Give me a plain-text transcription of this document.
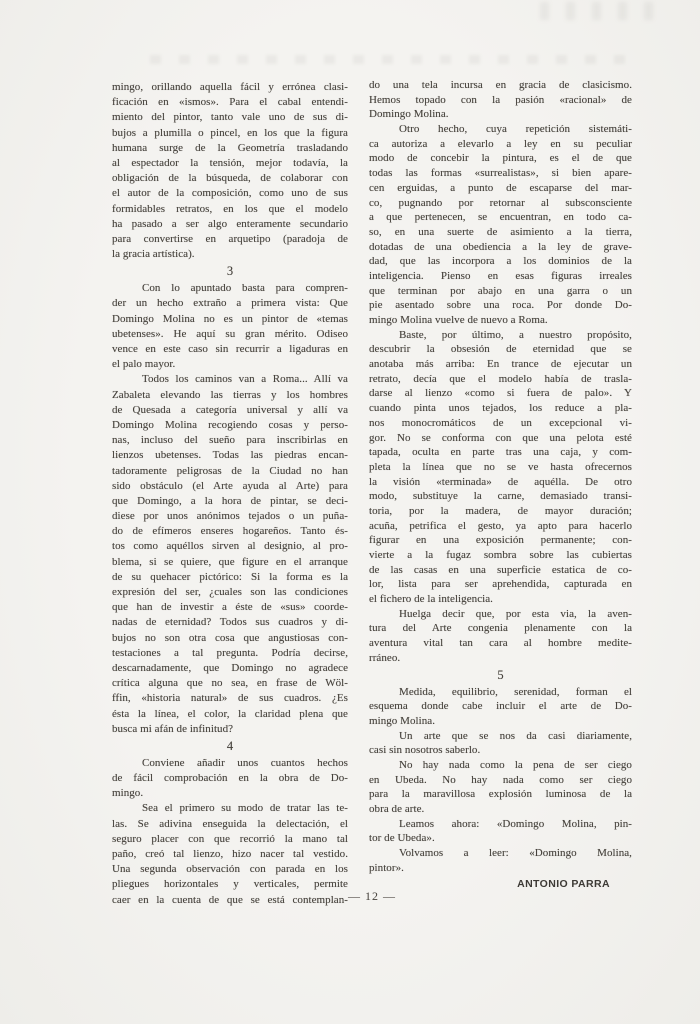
mingo, orillando aquella fácil y errónea clasi-
ficación en «ismos». Para el cabal entendi-
miento del pintor, tanto vale uno de sus di-
bujos a plumilla o pincel, en los que la figura
humana surge de la Geometría trasladando
al espectador la tensión, mejor todavía, la
obligación de la búsqueda, de colaborar con
el autor de la composición, como uno de sus
formidables retratos, en los que el modelo
ha pasado a ser algo enteramente secundario
para convertirse en arquetipo (paradoja de
la gracia artística).
3
Con lo apuntado basta para compren-
der un hecho extraño a primera vista: Que
Domingo Molina no es un pintor de «temas
ubetenses». He aquí su gran mérito. Odiseo
vence en este caso sin recurrir a ligaduras en
el palo mayor.
Todos los caminos van a Roma... Allí va
Zabaleta elevando las tierras y los hombres
de Quesada a categoría universal y allí va
Domingo Molina recogiendo cosas y perso-
nas, incluso del sueño para inscribirlas en
lienzos ubetenses. Todas las piedras encan-
tadoramente peligrosas de la Ciudad no han
sido obstáculo (el Arte ayuda al Arte) para
que Domingo, a la hora de pintar, se deci-
diese por unos anónimos tejados o un puña-
do de efímeros enseres hogareños. Tanto és-
tos como aquéllos sirven al designio, al pro-
blema, si se quiere, que figure en el arranque
de su quehacer pictórico: Si la forma es la
expresión del ser, ¿cuales son las condiciones
que han de investir a éste de «sus» coorde-
nadas de eternidad? Todos sus cuadros y di-
bujos no son otra cosa que angustiosas con-
testaciones a tal pregunta. Podría decirse,
descarnadamente, que Domingo no agradece
crítica alguna que no sea, en frase de Wöl-
ffin, «historia natural» de sus cuadros. ¿Es
ésta la línea, el color, la claridad plena que
busca mi afán de infinitud?
4
Conviene añadir unos cuantos hechos
de fácil comprobación en la obra de Do-
mingo.
Sea el primero su modo de tratar las te-
las. Se adivina enseguida la delectación, el
seguro placer con que recorrió la mano tal
paño, creó tal lienzo, hizo nacer tal vestido.
Una segunda observación con parada en los
pliegues horizontales y verticales, permite
caer en la cuenta de que se está contemplan-
do una tela incursa en gracia de clasicismo.
Hemos topado con la pasión «racional» de
Domingo Molina.
Otro hecho, cuya repetición sistemáti-
ca autoriza a elevarlo a ley en su peculiar
modo de concebir la pintura, es el de que
todas las formas «surrealistas», si bien apare-
cen erguidas, a punto de escaparse del mar-
co, pugnando por retornar al subsconsciente
a que pertenecen, se encuentran, en todo ca-
so, en una suerte de asimiento a la tierra,
dotadas de una obediencia a la ley de grave-
dad, que las incorpora a los dominios de la
inteligencia. Pienso en esas figuras irreales
que terminan por abajo en una garra o un
pie asentado sobre una roca. Por donde Do-
mingo Molina vuelve de nuevo a Roma.
Baste, por último, a nuestro propósito,
descubrir la obsesión de eternidad que se
anotaba más arriba: En trance de ejecutar un
retrato, decía que el modelo había de trasla-
darse al lienzo «como si fuera de palo». Y
cuando pinta unos tejados, los reduce a pla-
nos monocromáticos de un excepcional vi-
gor. No se conforma con que una pelota esté
tapada, oculta en parte tras una caja, y com-
pleta la línea que no se ve hasta ofrecernos
la visión «terminada» de aquélla. De otro
modo, substituye la carne, demasiado transi-
toria, por la madera, de mayor duración;
acuña, petrifica el gesto, ya apto para hacerlo
figurar en una exposición permanente; con-
vierte a la fugaz sombra sobre las cubiertas
de las casas en una superficie estatica de co-
lor, lista para ser aprehendida, capturada en
el fichero de la inteligencia.
Huelga decir que, por esta via, la aven-
tura del Arte congenia plenamente con la
aventura vital tan cara al hombre medite-
rráneo.
5
Medida, equilibrio, serenidad, forman el
esquema donde cabe incluir el arte de Do-
mingo Molina.
Un arte que se nos da casi diariamente,
casi sin nosotros saberlo.
No hay nada como la pena de ser ciego
en Ubeda. No hay nada como ser ciego
para la maravillosa explosión luminosa de la
obra de arte.
Leamos ahora: «Domingo Molina, pin-
tor de Ubeda».
Volvamos a leer: «Domingo Molina,
pintor».
ANTONIO PARRA
— 12 —
